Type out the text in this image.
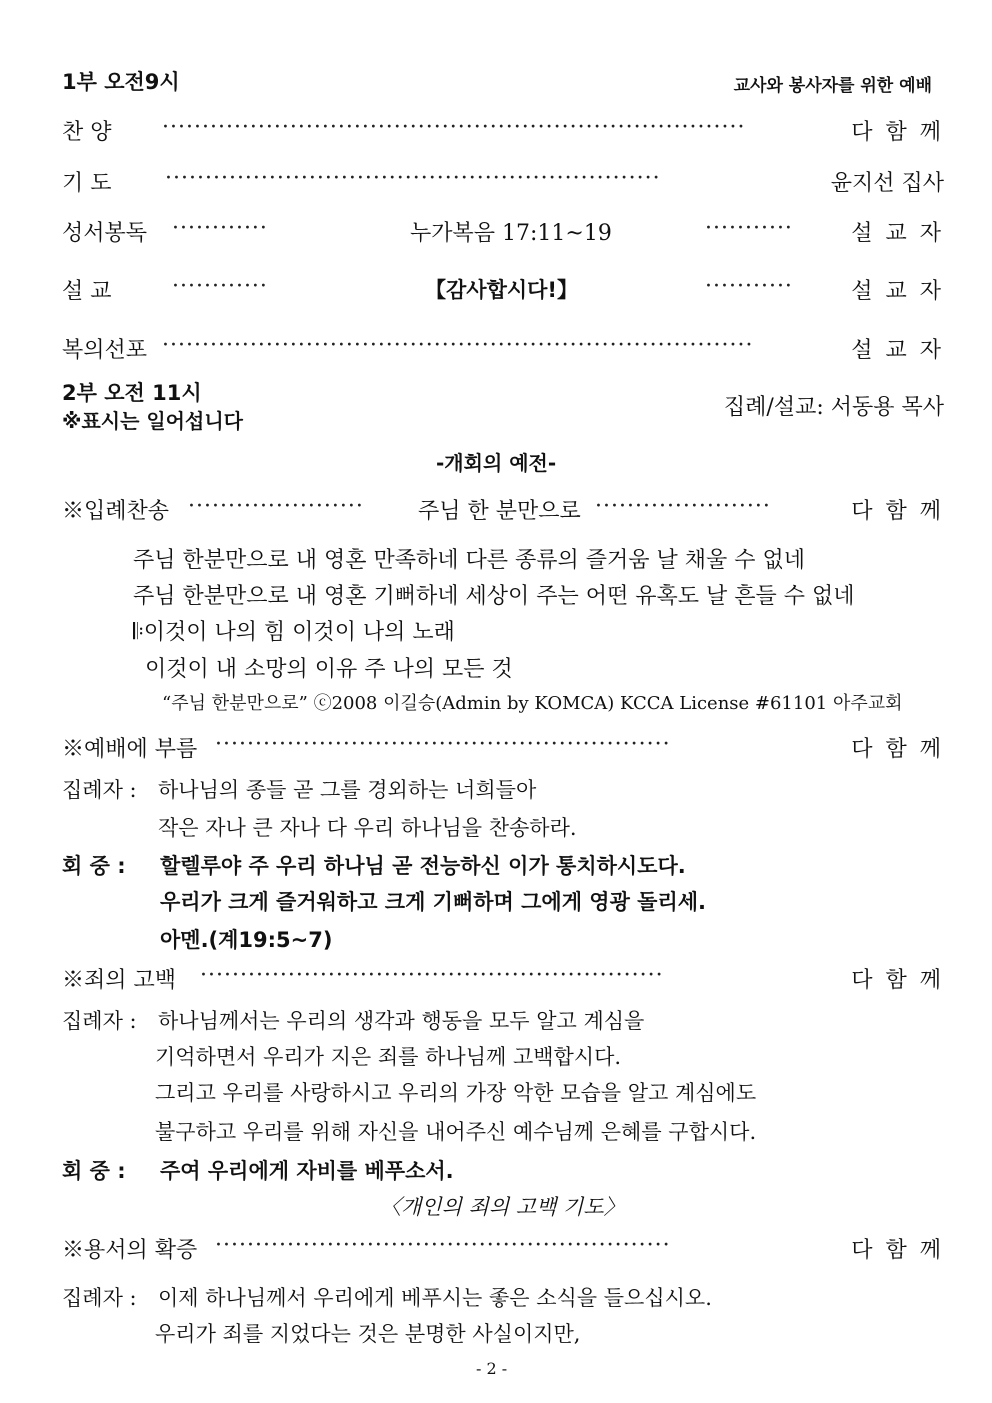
1부 오전9시	교사와 봉사자를 위한 예배
찬 양 ·········································································	다 함 께
기 도 ······························································	윤지선 집사
성서봉독 ············	누가복음 17:11~19	···········	설 교 자
설 교	············	【감사합시다!】	···········	설 교 자
복의선포 ··········································································	설 교 자
2부 오전 11시
※표시는 일어섭니다
집례/설교: 서동용 목사
-개회의 예전-
※입례찬송 ······················	주님 한 분만으로 ······················	다 함 께
주님 한분만으로 내 영혼 만족하네 다른 종류의 즐거움 날 채울 수 없네
주님 한분만으로 내 영혼 기뻐하네 세상이 주는 어떤 유혹도 날 흔들 수 없네
𝄆이것이 나의 힘 이것이 나의 노래
이것이 내 소망의 이유 주 나의 모든 것
“주님 한분만으로” ⓒ2008 이길승(Admin by KOMCA) KCCA License #61101 아주교회
※예배에 부름 ·························································	다 함 께
집례자 : 하나님의 종들 곧 그를 경외하는 너희들아
작은 자나 큰 자나 다 우리 하나님을 찬송하라.
회 중 : 할렐루야 주 우리 하나님 곧 전능하신 이가 통치하시도다.
우리가 크게 즐거워하고 크게 기뻐하며 그에게 영광 돌리세.
아멘.(계19:5~7)
※죄의 고백 ··························································	다 함 께
집례자 : 하나님께서는 우리의 생각과 행동을 모두 알고 계심을
기억하면서 우리가 지은 죄를 하나님께 고백합시다.
그리고 우리를 사랑하시고 우리의 가장 악한 모습을 알고 계심에도
불구하고 우리를 위해 자신을 내어주신 예수님께 은혜를 구합시다.
회 중 : 주여 우리에게 자비를 베푸소서.
〈개인의 죄의 고백 기도〉
※용서의 확증 ·························································	다 함 께
집례자 : 이제 하나님께서 우리에게 베푸시는 좋은 소식을 들으십시오.
우리가 죄를 지었다는 것은 분명한 사실이지만,
- 2 -
